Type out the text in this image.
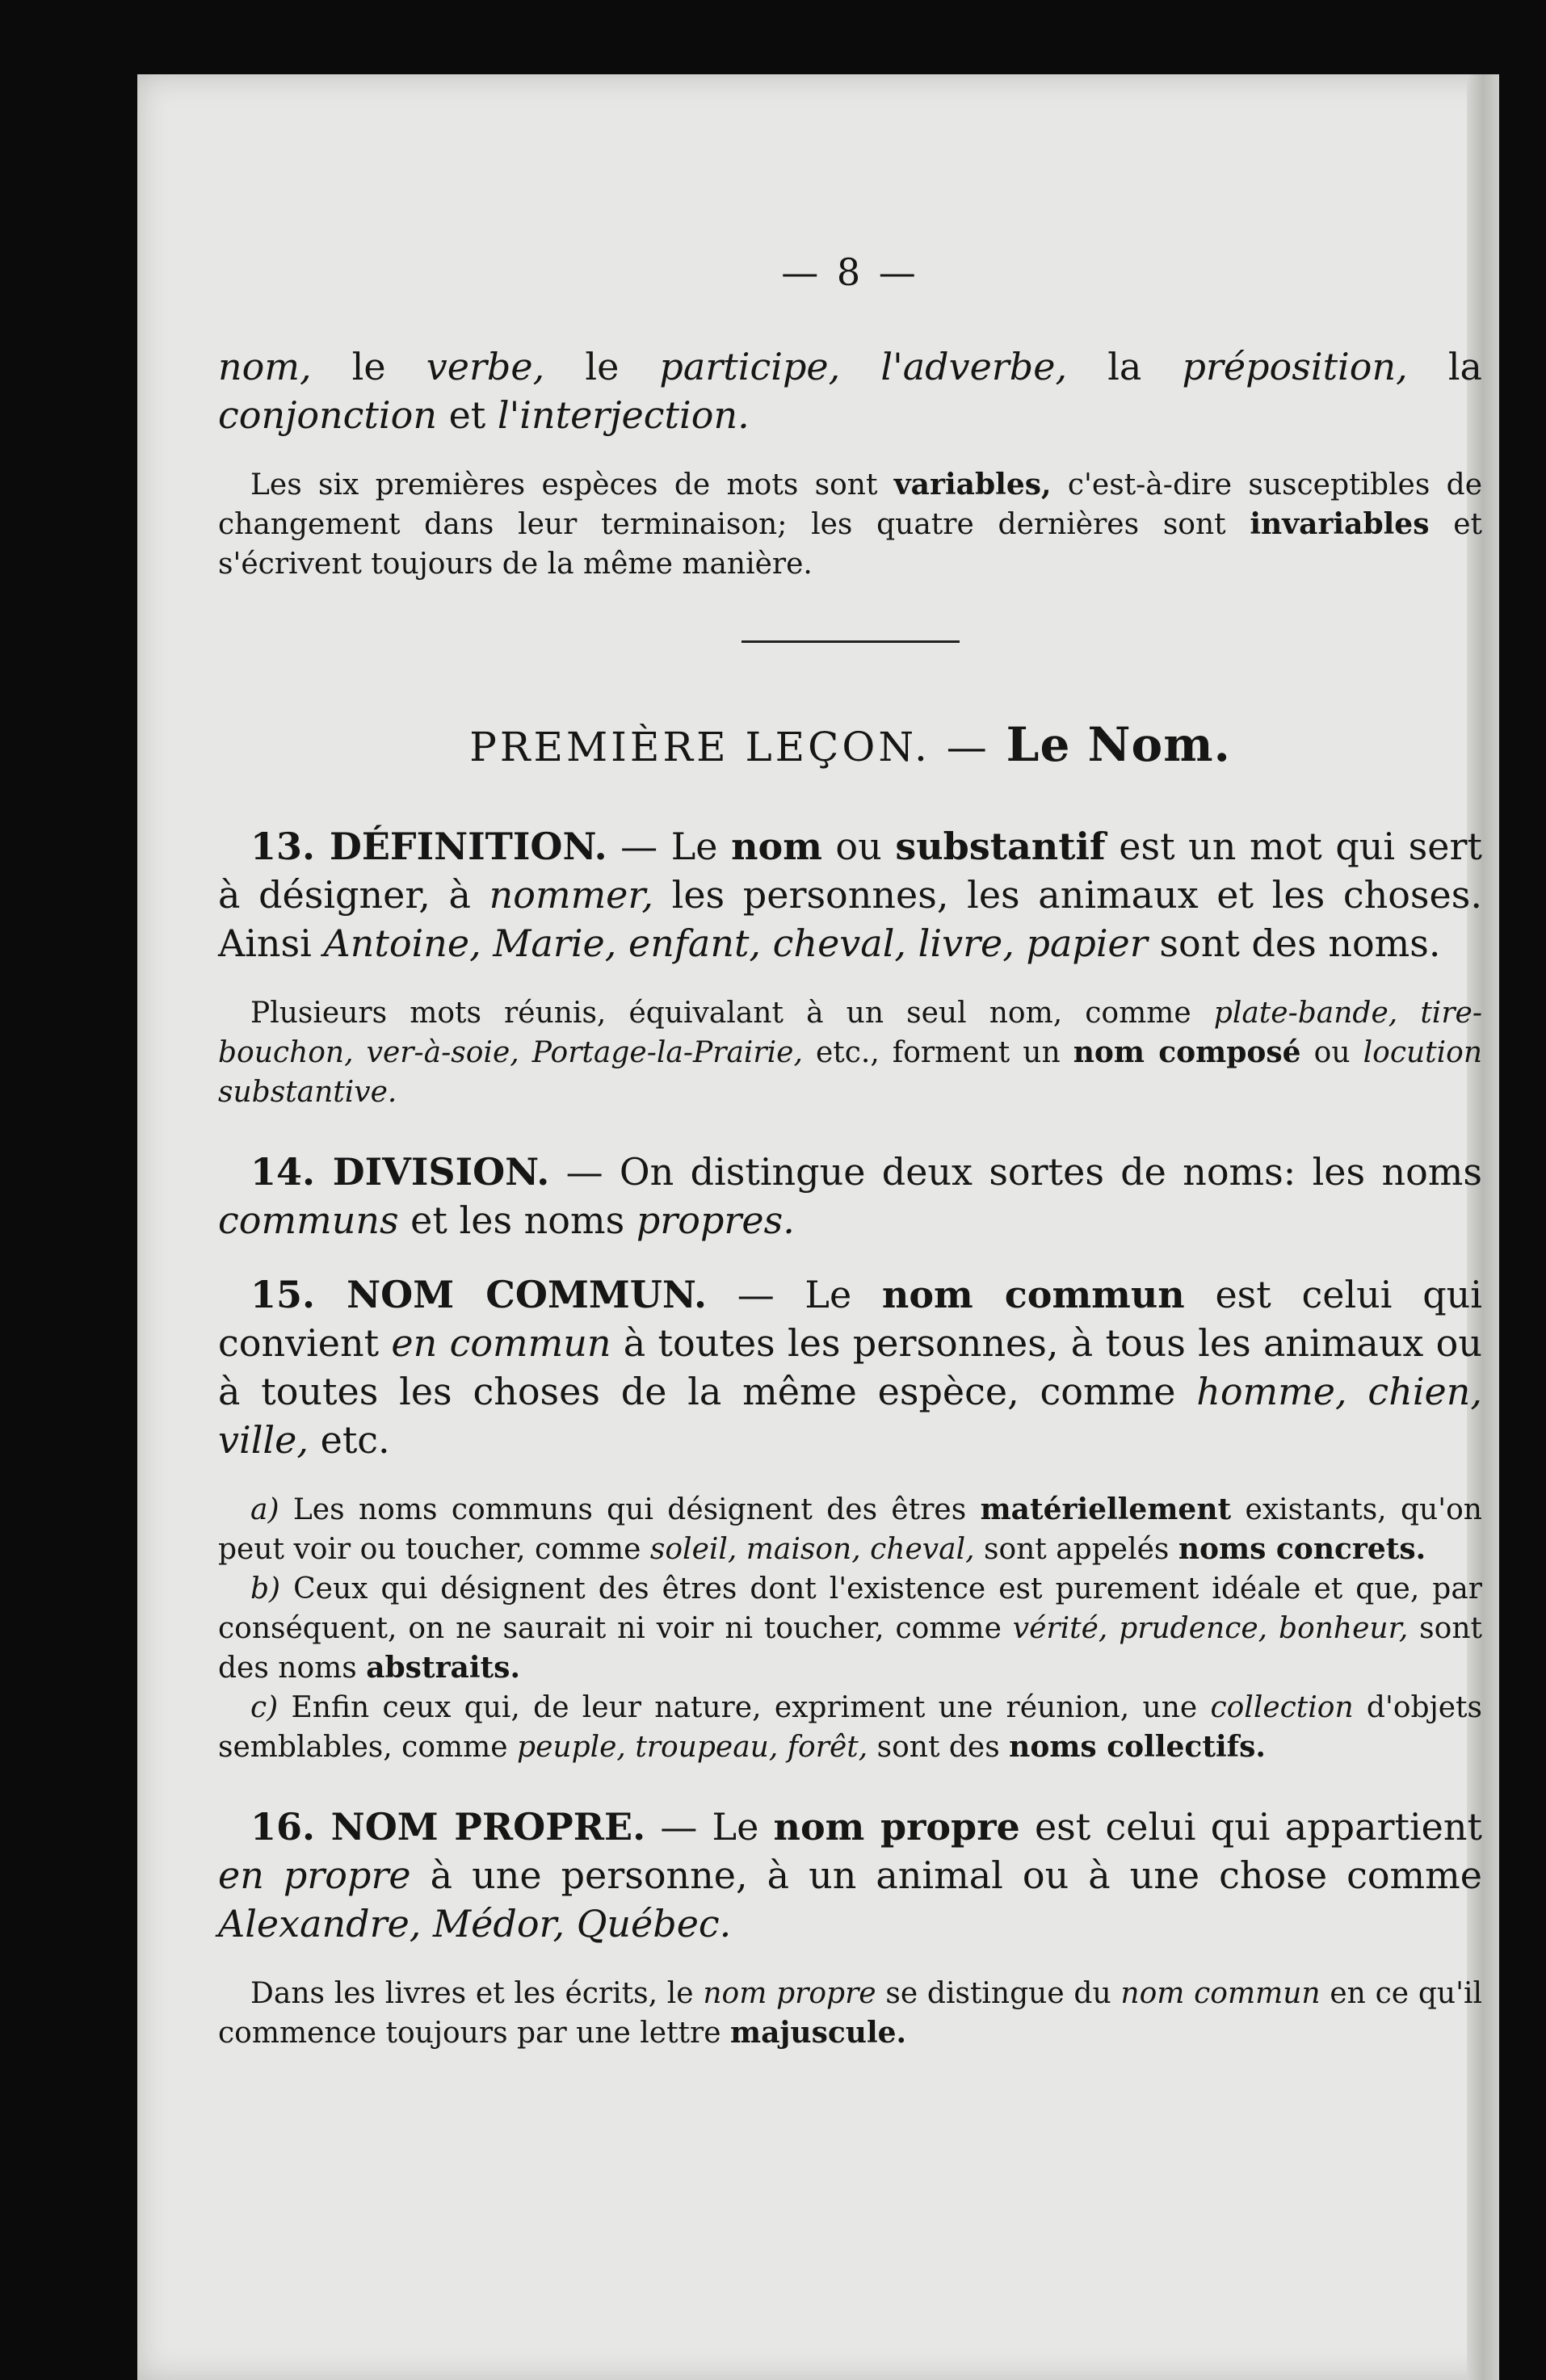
— 8 —

nom, le verbe, le participe, l'adverbe, la préposition, la conjonction et l'interjection.

Les six premières espèces de mots sont variables, c'est-à-dire susceptibles de changement dans leur terminaison; les quatre dernières sont invariables et s'écrivent toujours de la même manière.

PREMIÈRE LEÇON. — Le Nom.

13. DÉFINITION. — Le nom ou substantif est un mot qui sert à désigner, à nommer, les personnes, les animaux et les choses. Ainsi Antoine, Marie, enfant, cheval, livre, papier sont des noms.

Plusieurs mots réunis, équivalant à un seul nom, comme plate-bande, tire-bouchon, ver-à-soie, Portage-la-Prairie, etc., forment un nom composé ou locution substantive.

14. DIVISION. — On distingue deux sortes de noms: les noms communs et les noms propres.

15. NOM COMMUN. — Le nom commun est celui qui convient en commun à toutes les personnes, à tous les animaux ou à toutes les choses de la même espèce, comme homme, chien, ville, etc.

a) Les noms communs qui désignent des êtres matériellement existants, qu'on peut voir ou toucher, comme soleil, maison, cheval, sont appelés noms concrets.

b) Ceux qui désignent des êtres dont l'existence est purement idéale et que, par conséquent, on ne saurait ni voir ni toucher, comme vérité, prudence, bonheur, sont des noms abstraits.

c) Enfin ceux qui, de leur nature, expriment une réunion, une collection d'objets semblables, comme peuple, troupeau, forêt, sont des noms collectifs.

16. NOM PROPRE. — Le nom propre est celui qui appartient en propre à une personne, à un animal ou à une chose comme Alexandre, Médor, Québec.

Dans les livres et les écrits, le nom propre se distingue du nom commun en ce qu'il commence toujours par une lettre majuscule.
